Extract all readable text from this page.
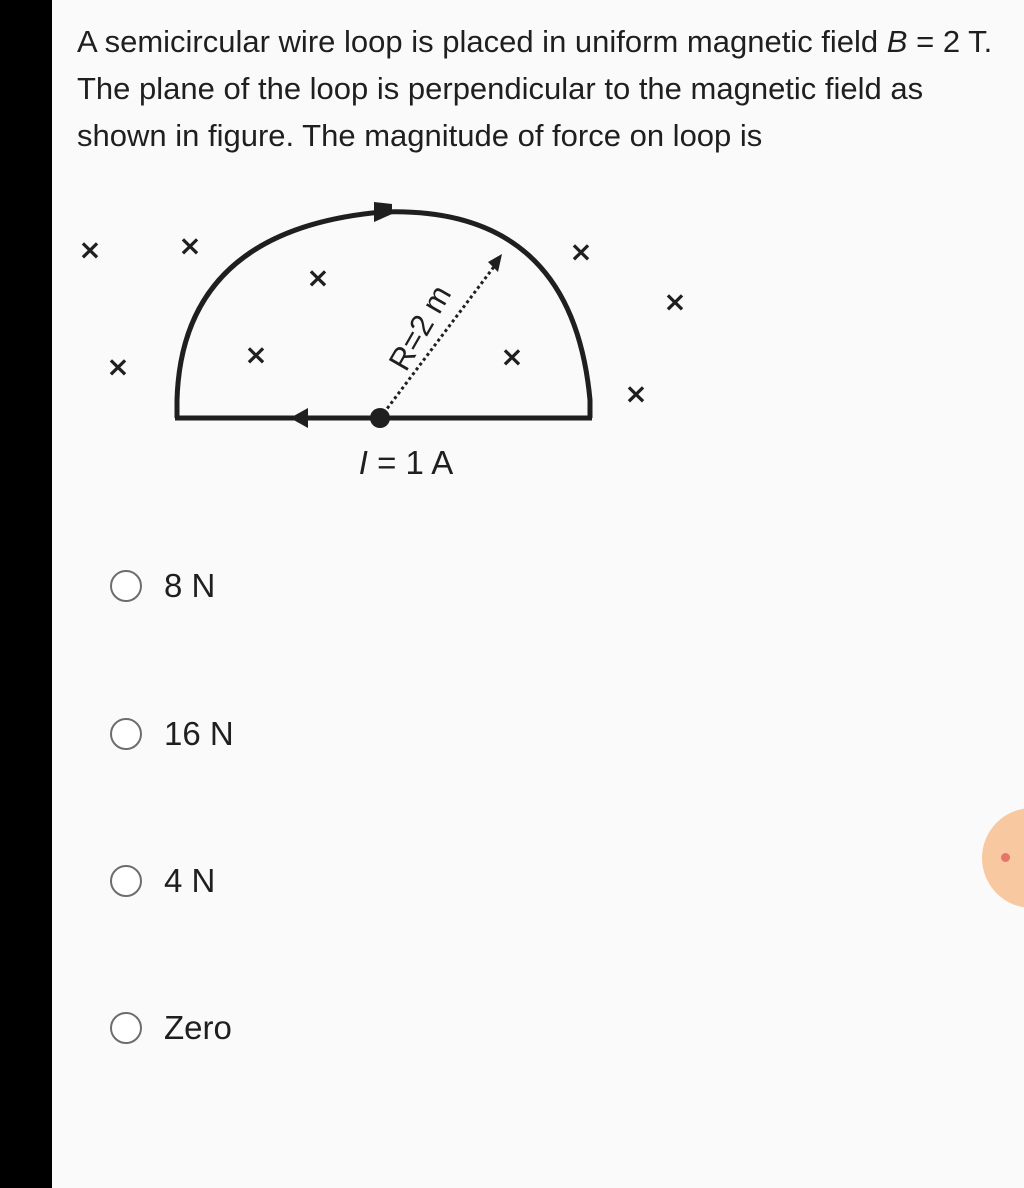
A semicircular wire loop is placed in uniform magnetic field B = 2 T. The plane of the loop is perpendicular to the magnetic field as shown in figure. The magnitude of force on loop is

×	×
×
×
×
×	×	×
×
R=2 m
I = 1 A
8 N
16 N
4 N
Zero
